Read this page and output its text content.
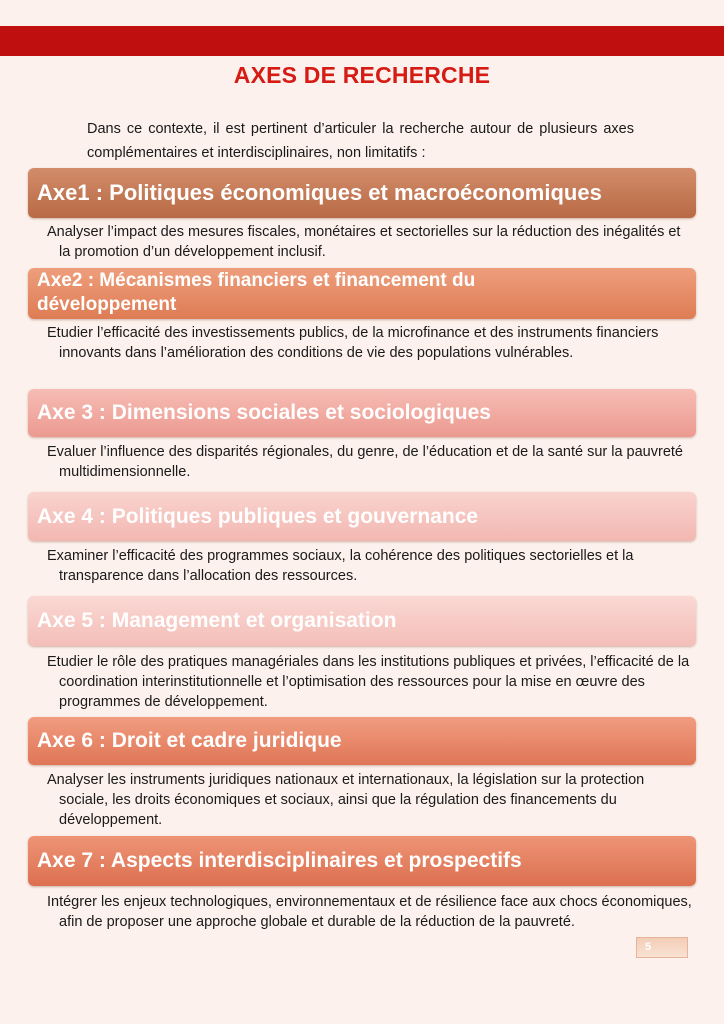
AXES DE RECHERCHE
Dans ce contexte, il est pertinent d’articuler la recherche autour de plusieurs axes complémentaires et interdisciplinaires, non limitatifs :
Axe1 : Politiques économiques et macroéconomiques
Analyser l’impact des mesures fiscales, monétaires et sectorielles sur la réduction des inégalités et la promotion d’un développement inclusif.
Axe2 : Mécanismes financiers et financement du développement
Etudier l’efficacité des investissements publics, de la microfinance et des instruments financiers innovants dans l’amélioration des conditions de vie des populations vulnérables.
Axe 3 : Dimensions sociales et sociologiques
Evaluer l’influence des disparités régionales, du genre, de l’éducation et de la santé sur la pauvreté multidimensionnelle.
Axe 4 : Politiques publiques et gouvernance
Examiner l’efficacité des programmes sociaux, la cohérence des politiques sectorielles et la transparence dans l’allocation des ressources.
Axe 5 : Management et organisation
Etudier le rôle des pratiques managériales dans les institutions publiques et privées, l’efficacité de la coordination interinstitutionnelle et l’optimisation des ressources pour la mise en œuvre des programmes de développement.
Axe 6 : Droit et cadre juridique
Analyser les instruments juridiques nationaux et internationaux, la législation sur la protection sociale, les droits économiques et sociaux, ainsi que la régulation des financements du développement.
Axe 7 : Aspects interdisciplinaires et prospectifs
Intégrer les enjeux technologiques, environnementaux et de résilience face aux chocs économiques, afin de proposer une approche globale et durable de la réduction de la pauvreté.
5
